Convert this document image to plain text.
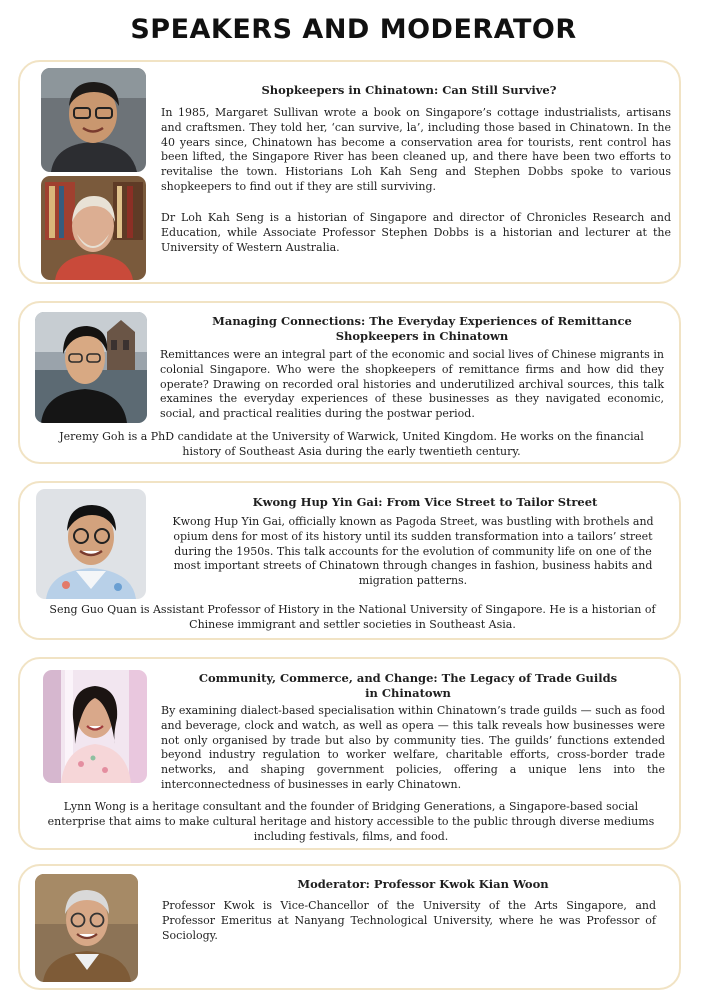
SPEAKERS AND MODERATOR
Shopkeepers in Chinatown: Can Still Survive?

In 1985, Margaret Sullivan wrote a book on Singapore’s cottage industrialists, artisans and craftsmen. They told her, ‘can survive, la’, including those based in Chinatown. In the 40 years since, Chinatown has become a conservation area for tourists, rent control has been lifted, the Singapore River has been cleaned up, and there have been two efforts to revitalise the town. Historians Loh Kah Seng and Stephen Dobbs spoke to various shopkeepers to find out if they are still surviving.

Dr Loh Kah Seng is a historian of Singapore and director of Chronicles Research and Education, while Associate Professor Stephen Dobbs is a historian and lecturer at the University of Western Australia.

Managing Connections: The Everyday Experiences of Remittance Shopkeepers in Chinatown

Remittances were an integral part of the economic and social lives of Chinese migrants in colonial Singapore. Who were the shopkeepers of remittance firms and how did they operate? Drawing on recorded oral histories and underutilized archival sources, this talk examines the everyday experiences of these businesses as they navigated economic, social, and practical realities during the postwar period.

Jeremy Goh is a PhD candidate at the University of Warwick, United Kingdom. He works on the financial history of Southeast Asia during the early twentieth century.

Kwong Hup Yin Gai: From Vice Street to Tailor Street

Kwong Hup Yin Gai, officially known as Pagoda Street, was bustling with brothels and opium dens for most of its history until its sudden transformation into a tailors’ street during the 1950s. This talk accounts for the evolution of community life on one of the most important streets of Chinatown through changes in fashion, business habits and migration patterns.

Seng Guo Quan is Assistant Professor of History in the National University of Singapore. He is a historian of Chinese immigrant and settler societies in Southeast Asia.

Community, Commerce, and Change: The Legacy of Trade Guilds in Chinatown

By examining dialect-based specialisation within Chinatown’s trade guilds — such as food and beverage, clock and watch, as well as opera — this talk reveals how businesses were not only organised by trade but also by community ties. The guilds’ functions extended beyond industry regulation to worker welfare, charitable efforts, cross-border trade networks, and shaping government policies, offering a unique lens into the interconnectedness of businesses in early Chinatown.

Lynn Wong is a heritage consultant and the founder of Bridging Generations, a Singapore-based social enterprise that aims to make cultural heritage and history accessible to the public through diverse mediums including festivals, films, and food.

Moderator: Professor Kwok Kian Woon

Professor Kwok is Vice-Chancellor of the University of the Arts Singapore, and Professor Emeritus at Nanyang Technological University, where he was Professor of Sociology.
